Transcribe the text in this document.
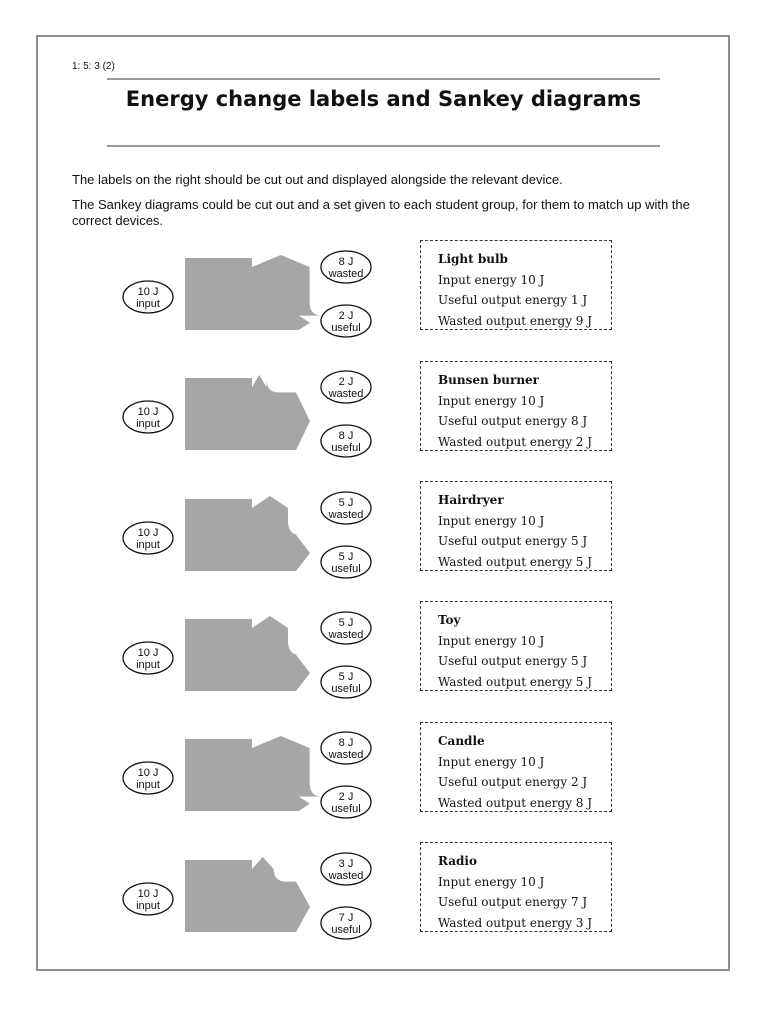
1: 5: 3 (2)
Energy change labels and Sankey diagrams
The labels on the right should be cut out and displayed alongside the relevant device.
The Sankey diagrams could be cut out and a set given to each student group, for them to match up with the correct devices.
10 J
input
8 J
wasted
2 J
useful
10 J
input
2 J
wasted
8 J
useful
10 J
input
5 J
wasted
5 J
useful
10 J
input
5 J
wasted
5 J
useful
10 J
input
8 J
wasted
2 J
useful
10 J
input
3 J
wasted
7 J
useful
Light bulb
Input energy 10 J
Useful output energy 1 J
Wasted output energy 9 J
Bunsen burner
Input energy 10 J
Useful output energy 8 J
Wasted output energy 2 J
Hairdryer
Input energy 10 J
Useful output energy 5 J
Wasted output energy 5 J
Toy
Input energy 10 J
Useful output energy 5 J
Wasted output energy 5 J
Candle
Input energy 10 J
Useful output energy 2 J
Wasted output energy 8 J
Radio
Input energy 10 J
Useful output energy 7 J
Wasted output energy 3 J
